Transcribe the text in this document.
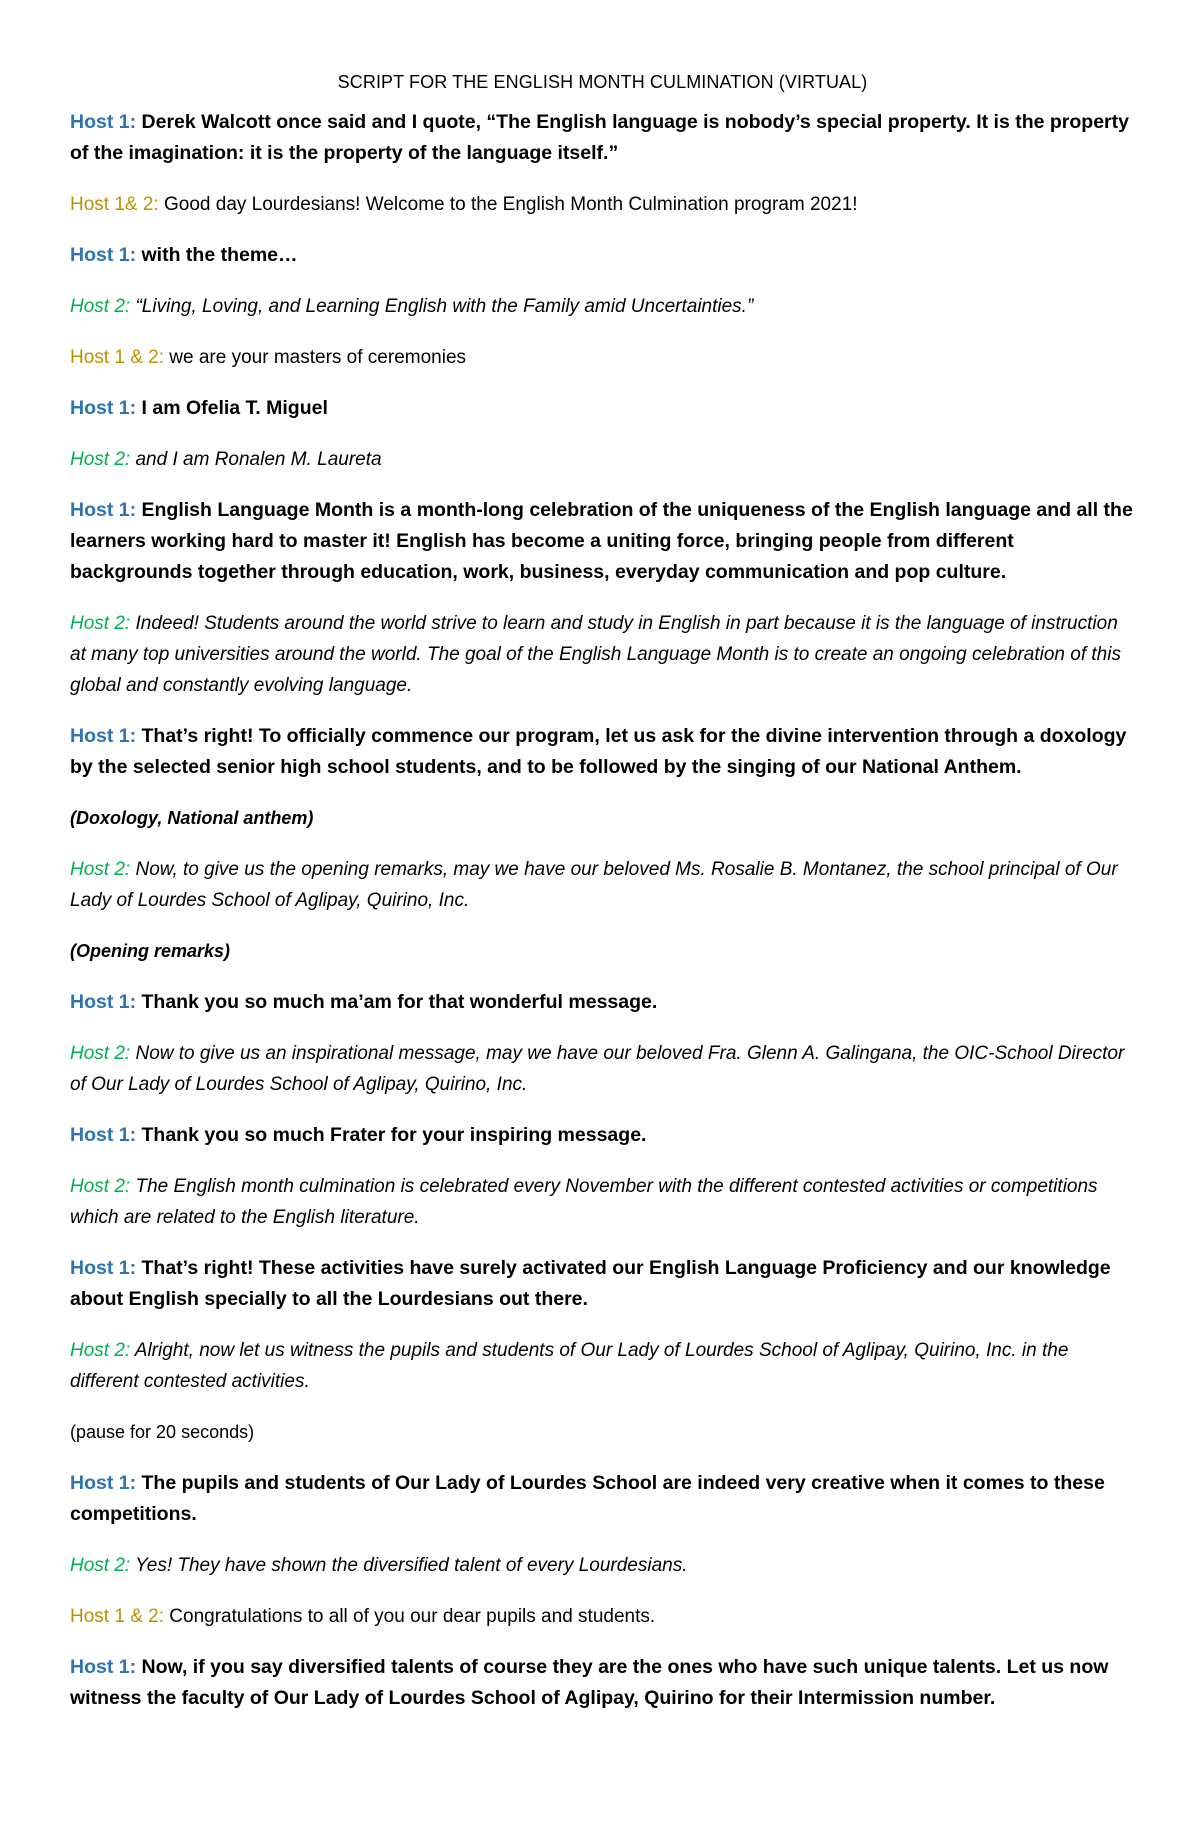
SCRIPT FOR THE ENGLISH MONTH CULMINATION (VIRTUAL)
Host 1: Derek Walcott once said and I quote, “The English language is nobody’s special property. It is the property of the imagination: it is the property of the language itself.”
Host 1& 2: Good day Lourdesians! Welcome to the English Month Culmination program 2021!
Host 1: with the theme…
Host 2: “Living, Loving, and Learning English with the Family amid Uncertainties.”
Host 1 & 2: we are your masters of ceremonies
Host 1: I am Ofelia T. Miguel
Host 2: and I am Ronalen M. Laureta
Host 1: English Language Month is a month-long celebration of the uniqueness of the English language and all the learners working hard to master it! English has become a uniting force, bringing people from different backgrounds together through education, work, business, everyday communication and pop culture.
Host 2: Indeed! Students around the world strive to learn and study in English in part because it is the language of instruction at many top universities around the world. The goal of the English Language Month is to create an ongoing celebration of this global and constantly evolving language.
Host 1: That’s right! To officially commence our program, let us ask for the divine intervention through a doxology by the selected senior high school students, and to be followed by the singing of our National Anthem.
(Doxology, National anthem)
Host 2: Now, to give us the opening remarks, may we have our beloved Ms. Rosalie B. Montanez, the school principal of Our Lady of Lourdes School of Aglipay, Quirino, Inc.
(Opening remarks)
Host 1: Thank you so much ma’am for that wonderful message.
Host 2: Now to give us an inspirational message, may we have our beloved Fra. Glenn A. Galingana, the OIC-School Director of Our Lady of Lourdes School of Aglipay, Quirino, Inc.
Host 1: Thank you so much Frater for your inspiring message.
Host 2: The English month culmination is celebrated every November with the different contested activities or competitions which are related to the English literature.
Host 1: That’s right! These activities have surely activated our English Language Proficiency and our knowledge about English specially to all the Lourdesians out there.
Host 2: Alright, now let us witness the pupils and students of Our Lady of Lourdes School of Aglipay, Quirino, Inc. in the different contested activities.
(pause for 20 seconds)
Host 1: The pupils and students of Our Lady of Lourdes School are indeed very creative when it comes to these competitions.
Host 2: Yes! They have shown the diversified talent of every Lourdesians.
Host 1 & 2: Congratulations to all of you our dear pupils and students.
Host 1: Now, if you say diversified talents of course they are the ones who have such unique talents. Let us now witness the faculty of Our Lady of Lourdes School of Aglipay, Quirino for their Intermission number.
